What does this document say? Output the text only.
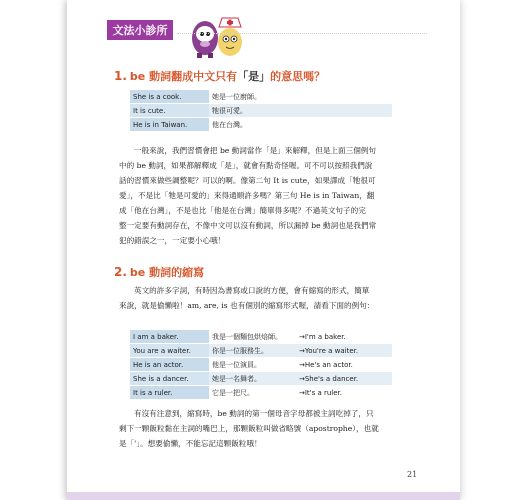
文法小診所
1. be 動詞翻成中文只有「是」的意思嗎？
She is a cook.	她是一位廚師。
It is cute.	牠很可愛。
He is in Taiwan.	他在台灣。
一般來說，我們習慣會把 be 動詞當作「是」來解釋，但是上面三個例句
中的 be 動詞，如果都解釋成「是」，就會有點奇怪喔。可不可以按照我們說
話的習慣來做些調整呢？可以的啊。像第二句 It is cute，如果譯成「牠很可
愛」，不是比「牠是可愛的」來得通順許多嗎？第三句 He is in Taiwan，翻
成「他在台灣」，不是也比「他是在台灣」簡單得多呢？不過英文句子的完
整一定要有動詞存在，不像中文可以沒有動詞，所以漏掉 be 動詞也是我們常
犯的錯誤之一，一定要小心哦！
2. be 動詞的縮寫
英文的許多字詞，有時因為書寫或口說的方便，會有縮寫的形式，簡單
來說，就是偷懶啦！am, are, is 也有個別的縮寫形式喔，請看下面的例句：
I am a baker.	我是一個麵包烘焙師。	→I'm a baker.
You are a waiter.	你是一位服務生。	→You're a waiter.
He is an actor.	他是一位演員。	→He's an actor.
She is a dancer.	她是一名舞者。	→She's a dancer.
It is a ruler.	它是一把尺。	→It's a ruler.
有沒有注意到，縮寫時，be 動詞的第一個母音字母都被主詞吃掉了，只
剩下一顆飯粒黏在主詞的嘴巴上，那顆飯粒叫做省略號（apostrophe），也就
是「'」。想要偷懶，不能忘記這顆飯粒哦！
21
